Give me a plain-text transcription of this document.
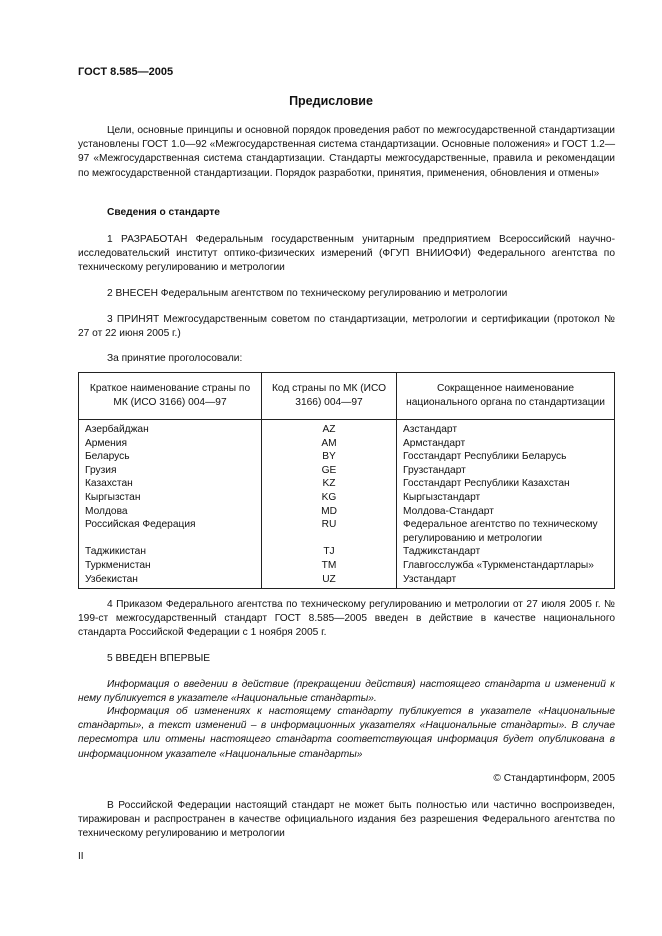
ГОСТ 8.585—2005
Предисловие

Цели, основные принципы и основной порядок проведения работ по межгосударственной стандартизации установлены ГОСТ 1.0—92 «Межгосударственная система стандартизации. Основные положения» и ГОСТ 1.2—97 «Межгосударственная система стандартизации. Стандарты межгосударственные, правила и рекомендации по межгосударственной стандартизации. Порядок разработки, принятия, применения, обновления и отмены»

Сведения о стандарте

1 РАЗРАБОТАН Федеральным государственным унитарным предприятием Всероссийский научно-исследовательский институт оптико-физических измерений (ФГУП ВНИИОФИ) Федерального агентства по техническому регулированию и метрологии

2 ВНЕСЕН Федеральным агентством по техническому регулированию и метрологии

3 ПРИНЯТ Межгосударственным советом по стандартизации, метрологии и сертификации (протокол № 27 от 22 июня 2005 г.)

За принятие проголосовали:

Краткое наименование страны по МК (ИСО 3166) 004—97	Код страны по МК (ИСО 3166) 004—97	Сокращенное наименование национального органа по стандартизации
Азербайджан	AZ	Азстандарт
Армения	AM	Армстандарт
Беларусь	BY	Госстандарт Республики Беларусь
Грузия	GE	Грузстандарт
Казахстан	KZ	Госстандарт Республики Казахстан
Кыргызстан	KG	Кыргызстандарт
Молдова	MD	Молдова-Стандарт
Российская Федерация	RU	Федеральное агентство по техническому регулированию и метрологии
Таджикистан	TJ	Таджикстандарт
Туркменистан	TM	Главгосслужба «Туркменстандартлары»
Узбекистан	UZ	Узстандарт

4 Приказом Федерального агентства по техническому регулированию и метрологии от 27 июля 2005 г. № 199-ст межгосударственный стандарт ГОСТ 8.585—2005 введен в действие в качестве национального стандарта Российской Федерации с 1 ноября 2005 г.

5 ВВЕДЕН ВПЕРВЫЕ

Информация о введении в действие (прекращении действия) настоящего стандарта и изменений к нему публикуется в указателе «Национальные стандарты».

Информация об изменениях к настоящему стандарту публикуется в указателе «Национальные стандарты», а текст изменений – в информационных указателях «Национальные стандарты». В случае пересмотра или отмены настоящего стандарта соответствующая информация будет опубликована в информационном указателе «Национальные стандарты»

© Стандартинформ, 2005

В Российской Федерации настоящий стандарт не может быть полностью или частично воспроизведен, тиражирован и распространен в качестве официального издания без разрешения Федерального агентства по техническому регулированию и метрологии

II
